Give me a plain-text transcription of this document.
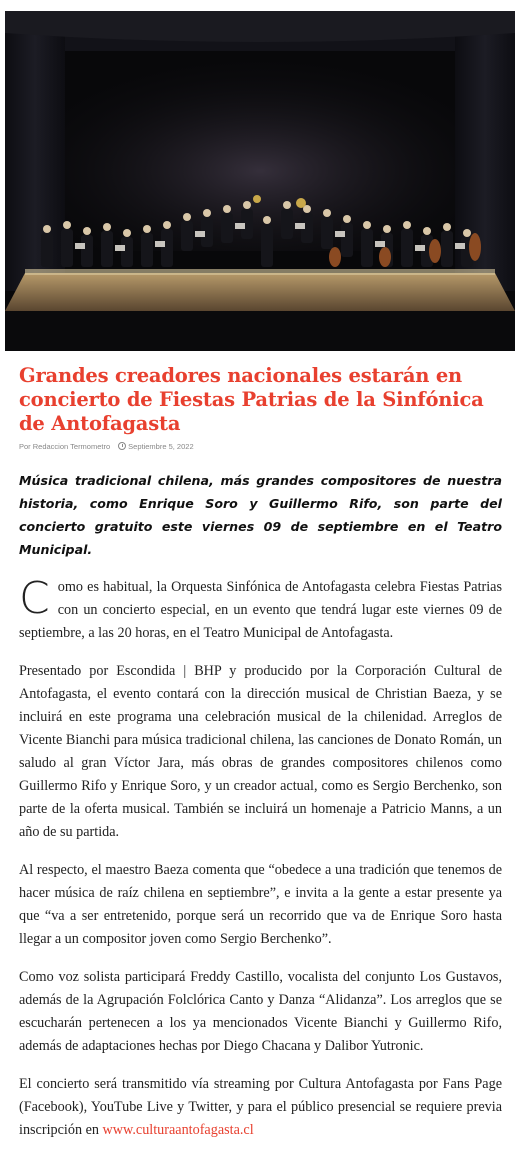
Grandes creadores nacionales estarán en concierto de Fiestas Patrias de la Sinfónica de Antofagasta
Por Redaccion Termometro	Septiembre 5, 2022
Música tradicional chilena, más grandes compositores de nuestra historia, como Enrique Soro y Guillermo Rifo, son parte del concierto gratuito este viernes 09 de septiembre en el Teatro Municipal.

Como es habitual, la Orquesta Sinfónica de Antofagasta celebra Fiestas Patrias con un concierto especial, en un evento que tendrá lugar este viernes 09 de septiembre, a las 20 horas, en el Teatro Municipal de Antofagasta.

Presentado por Escondida | BHP y producido por la Corporación Cultural de Antofagasta, el evento contará con la dirección musical de Christian Baeza, y se incluirá en este programa una celebración musical de la chilenidad. Arreglos de Vicente Bianchi para música tradicional chilena, las canciones de Donato Román, un saludo al gran Víctor Jara, más obras de grandes compositores chilenos como Guillermo Rifo y Enrique Soro, y un creador actual, como es Sergio Berchenko, son parte de la oferta musical. También se incluirá un homenaje a Patricio Manns, a un año de su partida.

Al respecto, el maestro Baeza comenta que “obedece a una tradición que tenemos de hacer música de raíz chilena en septiembre”, e invita a la gente a estar presente ya que “va a ser entretenido, porque será un recorrido que va de Enrique Soro hasta llegar a un compositor joven como Sergio Berchenko”.

Como voz solista participará Freddy Castillo, vocalista del conjunto Los Gustavos, además de la Agrupación Folclórica Canto y Danza “Alidanza”. Los arreglos que se escucharán pertenecen a los ya mencionados Vicente Bianchi y Guillermo Rifo, además de adaptaciones hechas por Diego Chacana y Dalibor Yutronic.

El concierto será transmitido vía streaming por Cultura Antofagasta por Fans Page (Facebook), YouTube Live y Twitter, y para el público presencial se requiere previa inscripción en www.culturaantofagasta.cl
